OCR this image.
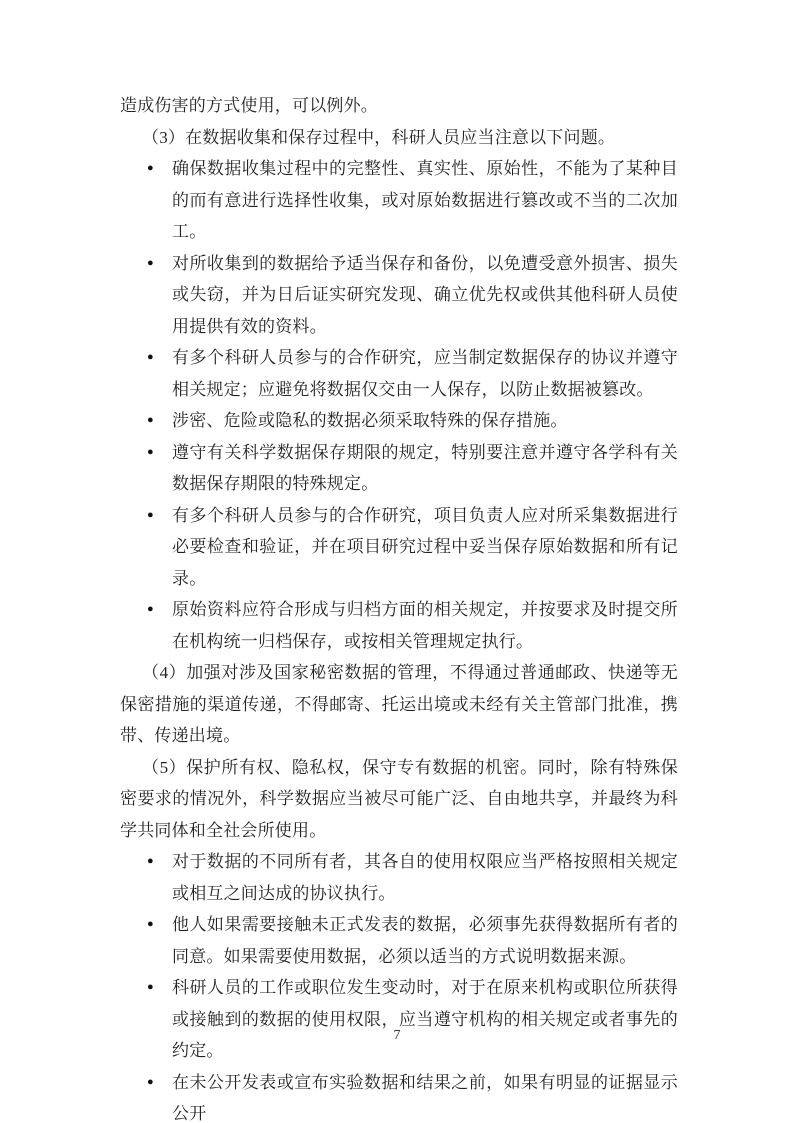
造成伤害的方式使用，可以例外。

（3）在数据收集和保存过程中，科研人员应当注意以下问题。

●	确保数据收集过程中的完整性、真实性、原始性，不能为了某种目的而有意进行选择性收集，或对原始数据进行篡改或不当的二次加工。
●	对所收集到的数据给予适当保存和备份，以免遭受意外损害、损失或失窃，并为日后证实研究发现、确立优先权或供其他科研人员使用提供有效的资料。
●	有多个科研人员参与的合作研究，应当制定数据保存的协议并遵守相关规定；应避免将数据仅交由一人保存，以防止数据被篡改。
●	涉密、危险或隐私的数据必须采取特殊的保存措施。
●	遵守有关科学数据保存期限的规定，特别要注意并遵守各学科有关数据保存期限的特殊规定。
●	有多个科研人员参与的合作研究，项目负责人应对所采集数据进行必要检查和验证，并在项目研究过程中妥当保存原始数据和所有记录。
●	原始资料应符合形成与归档方面的相关规定，并按要求及时提交所在机构统一归档保存，或按相关管理规定执行。

（4）加强对涉及国家秘密数据的管理，不得通过普通邮政、快递等无保密措施的渠道传递，不得邮寄、托运出境或未经有关主管部门批准，携带、传递出境。

（5）保护所有权、隐私权，保守专有数据的机密。同时，除有特殊保密要求的情况外，科学数据应当被尽可能广泛、自由地共享，并最终为科学共同体和全社会所使用。

●	对于数据的不同所有者，其各自的使用权限应当严格按照相关规定或相互之间达成的协议执行。
●	他人如果需要接触未正式发表的数据，必须事先获得数据所有者的同意。如果需要使用数据，必须以适当的方式说明数据来源。
●	科研人员的工作或职位发生变动时，对于在原来机构或职位所获得或接触到的数据的使用权限，应当遵守机构的相关规定或者事先的约定。
●	在未公开发表或宣布实验数据和结果之前，如果有明显的证据显示公开
7
